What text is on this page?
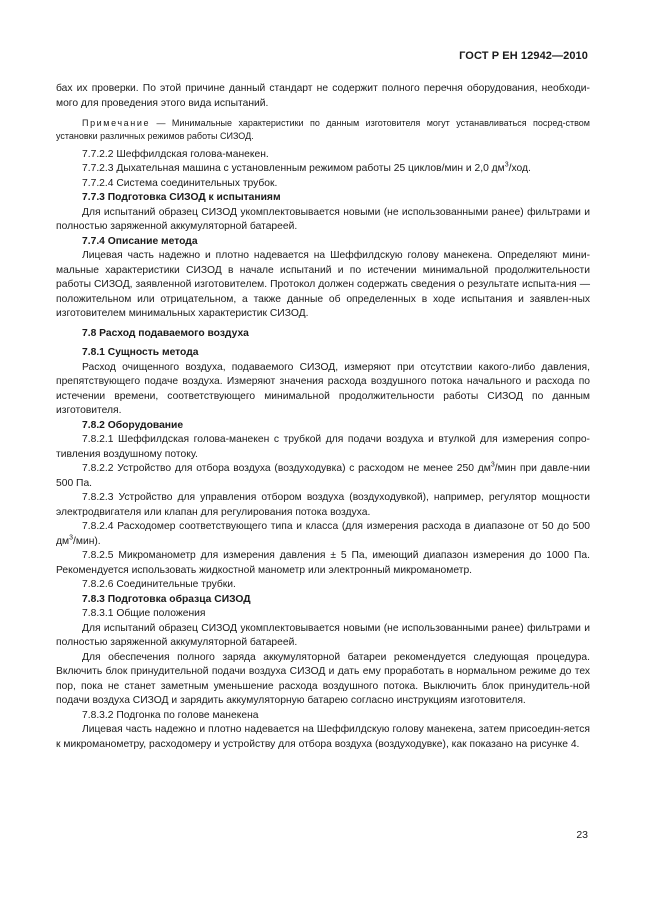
ГОСТ Р ЕН 12942—2010

бах их проверки. По этой причине данный стандарт не содержит полного перечня оборудования, необходи-мого для проведения этого вида испытаний.

Примечание — Минимальные характеристики по данным изготовителя могут устанавливаться посред-ством установки различных режимов работы СИЗОД.

7.7.2.2 Шеффилдская голова-манекен.

7.7.2.3 Дыхательная машина с установленным режимом работы 25 циклов/мин и 2,0 $дм^3$/ход.

7.7.2.4 Система соединительных трубок.

7.7.3 Подготовка СИЗОД к испытаниям

Для испытаний образец СИЗОД укомплектовывается новыми (не использованными ранее) фильтрами и полностью заряженной аккумуляторной батареей.

7.7.4 Описание метода

Лицевая часть надежно и плотно надевается на Шеффилдскую голову манекена. Определяют мини-мальные характеристики СИЗОД в начале испытаний и по истечении минимальной продолжительности работы СИЗОД, заявленной изготовителем. Протокол должен содержать сведения о результате испыта-ния — положительном или отрицательном, а также данные об определенных в ходе испытания и заявлен-ных изготовителем минимальных характеристик СИЗОД.

7.8 Расход подаваемого воздуха

7.8.1 Сущность метода

Расход очищенного воздуха, подаваемого СИЗОД, измеряют при отсутствии какого-либо давления, препятствующего подаче воздуха. Измеряют значения расхода воздушного потока начального и расхода по истечении времени, соответствующего минимальной продолжительности работы СИЗОД по данным изготовителя.

7.8.2 Оборудование

7.8.2.1 Шеффилдская голова-манекен с трубкой для подачи воздуха и втулкой для измерения сопро-тивления воздушному потоку.

7.8.2.2 Устройство для отбора воздуха (воздуходувка) с расходом не менее 250 $дм^3$/мин при давле-нии 500 Па.

7.8.2.3 Устройство для управления отбором воздуха (воздуходувкой), например, регулятор мощности электродвигателя или клапан для регулирования потока воздуха.

7.8.2.4 Расходомер соответствующего типа и класса (для измерения расхода в диапазоне от 50 до 500 $дм^3/мин$).

7.8.2.5 Микроманометр для измерения давления ± 5 Па, имеющий диапазон измерения до 1000 Па. Рекомендуется использовать жидкостной манометр или электронный микроманометр.

7.8.2.6 Соединительные трубки.

7.8.3 Подготовка образца СИЗОД

7.8.3.1 Общие положения

Для испытаний образец СИЗОД укомплектовывается новыми (не использованными ранее) фильтрами и полностью заряженной аккумуляторной батареей.

Для обеспечения полного заряда аккумуляторной батареи рекомендуется следующая процедура. Включить блок принудительной подачи воздуха СИЗОД и дать ему проработать в нормальном режиме до тех пор, пока не станет заметным уменьшение расхода воздушного потока. Выключить блок принудитель-ной подачи воздуха СИЗОД и зарядить аккумуляторную батарею согласно инструкциям изготовителя.

7.8.3.2 Подгонка по голове манекена

Лицевая часть надежно и плотно надевается на Шеффилдскую голову манекена, затем присоедин-яется к микроманометру, расходомеру и устройству для отбора воздуха (воздуходувке), как показано на рисунке 4.

23
